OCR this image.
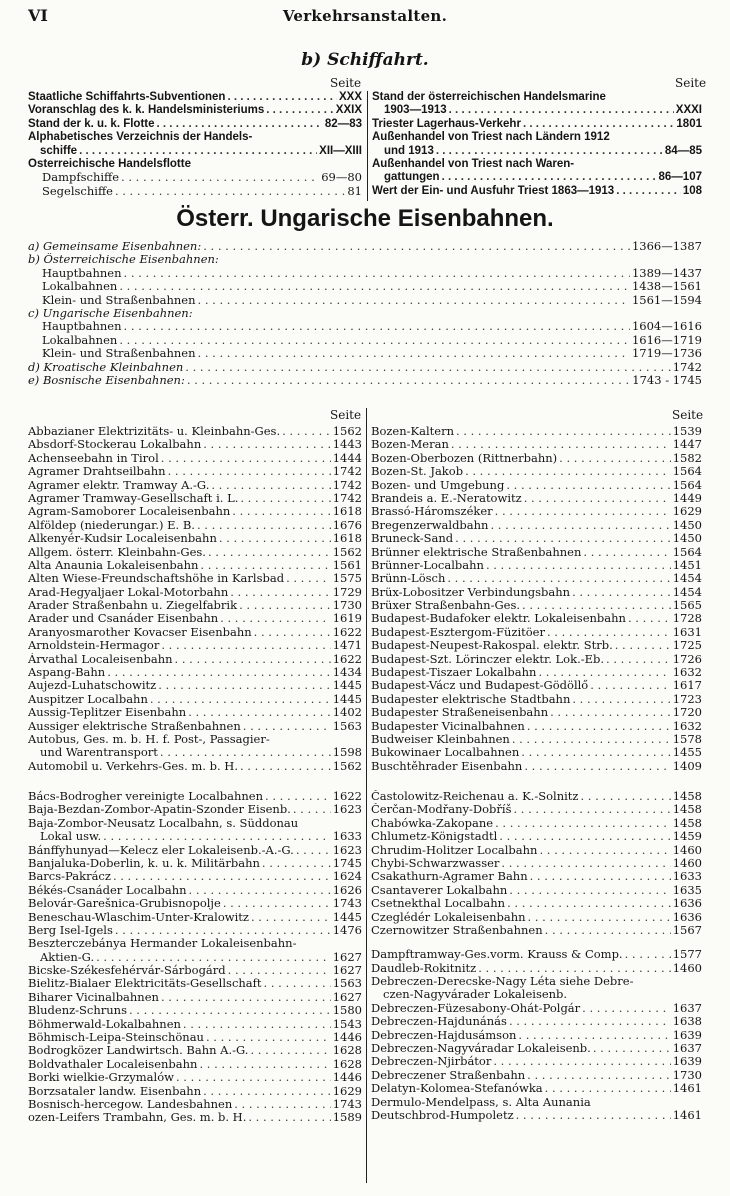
VI	Verkehrsanstalten.
b) Schiffahrt.
Seite	Seite
Staatliche Schiffahrts-Subventionen . . .	XXX
Voranschlag des k. k. Handelsministeriums . . .	XXIX
Stand der k. u. k. Flotte . . .	82—83
Alphabetisches Verzeichnis der Handels-
schiffe . . .	XII—XIII
Österreichische Handelsflotte
Dampfschiffe . . .	69—80
Segelschiffe . . .	81
Stand der österreichischen Handelsmarine
1903—1913 . . .	XXXI
Triester Lagerhaus-Verkehr . . .	1801
Außenhandel von Triest nach Ländern 1912
und 1913 . . .	84—85
Außenhandel von Triest nach Waren-
gattungen . . .	86—107
Wert der Ein- und Ausfuhr Triest 1863—1913 . . .	108
Österr. Ungarische Eisenbahnen.
a) Gemeinsame Eisenbahnen: . . .	1366—1387
b) Österreichische Eisenbahnen:
Hauptbahnen . . .	1389—1437
Lokalbahnen . . .	1438—1561
Klein- und Straßenbahnen . . .	1561—1594
c) Ungarische Eisenbahnen:
Hauptbahnen . . .	1604—1616
Lokalbahnen . . .	1616—1719
Klein- und Straßenbahnen . . .	1719—1736
d) Kroatische Kleinbahnen . . .	1742
e) Bosnische Eisenbahnen: . . .	1743 - 1745
Seite	Seite
Abbazianer Elektrizitäts- u. Kleinbahn-Ges. . . .	1562
Absdorf-Stockerau Lokalbahn . . .	1443
Achenseebahn in Tirol . . .	1444
Agramer Drahtseilbahn . . .	1742
Agramer elektr. Tramway A.-G. . . .	1742
Agramer Tramway-Gesellschaft i. L. . . .	1742
Agram-Samoborer Localeisenbahn . . .	1618
Alföldер (niederungar.) E. B. . . .	1676
Alkenyér-Kudsir Localeisenbahn . . .	1618
Allgem. österr. Kleinbahn-Ges. . . .	1562
Alta Anaunia Lokaleisenbahn . . .	1561
Alten Wiese-Freundschaftshöhe in Karlsbad . . .	1575
Arad-Hegyaljaer Lokal-Motorbahn . . .	1729
Arader Straßenbahn u. Ziegelfabrik . . .	1730
Arader und Csanáder Eisenbahn . . .	1619
Aranyosmarother Kovacser Eisenbahn . . .	1622
Arnoldstein-Hermagor . . .	1471
Árvathal Localeisenbahn . . .	1622
Aspang-Bahn . . .	1434
Aujezd-Luhatschowitz . . .	1445
Auspitzer Localbahn . . .	1445
Aussig-Teplitzer Eisenbahn . . .	1402
Aussiger elektrische Straßenbahnen . . .	1563
Autobus, Ges. m. b. H. f. Post-, Passagier-
und Warentransport . . .	1598
Automobil u. Verkehrs-Ges. m. b. H. . . .	1562
Bács-Bodrogher vereinigte Localbahnen . . .	1622
Baja-Bezdan-Zombor-Apatin-Szonder Eisenb. . . .	1623
Baja-Zombor-Neusatz Localbahn, s. Süddonau
Lokal usw. . . .	1633
Bánffyhunyad—Kelecz eler Lokaleisenb.-A.-G. . . .	1623
Banjaluka-Doberlin, k. u. k. Militärbahn . . .	1745
Barcs-Pakrácz . . .	1624
Békés-Csanáder Localbahn . . .	1626
Belovár-Garešnica-Grubisnopolje . . .	1743
Beneschau-Wlaschim-Unter-Kralowitz . . .	1445
Berg Isel-Igels . . .	1476
Beszterczebánya Hermander Lokaleisenbahn-
Aktien-G. . . .	1627
Bicske-Székesfehérvár-Sárbogárd . . .	1627
Bielitz-Bialaer Elektricitäts-Gesellschaft . . .	1563
Biharer Vicinalbahnen . . .	1627
Bludenz-Schruns . . .	1580
Böhmerwald-Lokalbahnen . . .	1543
Böhmisch-Leipa-Steinschönau . . .	1446
Bodrogközer Landwirtsch. Bahn A.-G. . . .	1628
Boldvathaler Localeisenbahn . . .	1628
Borki wielkie-Grzymalów . . .	1446
Borzsataler landw. Eisenbahn . . .	1629
Bosnisch-hercegow. Landesbahnen . . .	1743
ozen-Leifers Trambahn, Ges. m. b. H. . . .	1589
Bozen-Kaltern . . .	1539
Bozen-Meran . . .	1447
Bozen-Oberbozen (Rittnerbahn) . . .	1582
Bozen-St. Jakob . . .	1564
Bozen- und Umgebung . . .	1564
Brandeis a. E.-Neratowitz . . .	1449
Brassó-Háromszéker . . .	1629
Bregenzerwaldbahn . . .	1450
Bruneck-Sand . . .	1450
Brünner elektrische Straßenbahnen . . .	1564
Brünner-Localbahn . . .	1451
Brünn-Lösch . . .	1454
Brüx-Lobositzer Verbindungsbahn . . .	1454
Brüxer Straßenbahn-Ges. . . .	1565
Budapest-Budafoker elektr. Lokaleisenbahn . . .	1728
Budapest-Esztergom-Füzitöer . . .	1631
Budapest-Neupest-Rakospal. elektr. Strb. . . .	1725
Budapest-Szt. Lörinczer elektr. Lok.-Eb. . . .	1726
Budapest-Tiszaer Lokalbahn . . .	1632
Budapest-Vácz und Budapest-Gödöllő . . .	1617
Budapester elektrische Stadtbahn . . .	1723
Budapester Straßeneisenbahn . . .	1720
Budapester Vicinalbahnen . . .	1632
Budweiser Kleinbahnen . . .	1578
Bukowinaer Localbahnen . . .	1455
Buschtěhrader Eisenbahn . . .	1409
Častolowitz-Reichenau a. K.-Solnitz . . .	1458
Čerčan-Modřany-Dobříš . . .	1458
Chabówka-Zakopane . . .	1458
Chlumetz-Königstadtl . . .	1459
Chrudim-Holitzer Localbahn . . .	1460
Chybi-Schwarzwasser . . .	1460
Csakathurn-Agramer Bahn . . .	1633
Csantaverer Lokalbahn . . .	1635
Csetnekthal Localbahn . . .	1636
Czeglédér Lokaleisenbahn . . .	1636
Czernowitzer Straßenbahnen . . .	1567
Dampftramway-Ges.vorm. Krauss & Comp. . . .	1577
Daudleb-Rokitnitz . . .	1460
Debreczen-Derecske-Nagy Léta siehe Debre-
czen-Nagyvárader Lokaleisenb.
Debreczen-Füzesabony-Ohát-Polgár . . .	1637
Debreczen-Hajdunánás . . .	1638
Debreczen-Hajdusámson . . .	1639
Debreczen-Nagyváradar Lokaleisenb. . . .	1637
Debreczen-Njirbátor . . .	1639
Debreczener Straßenbahn . . .	1730
Delatyn-Kolomea-Stefanówka . . .	1461
Dermulo-Mendelpass, s. Alta Aunania
Deutschbrod-Humpoletz . . .	1461
